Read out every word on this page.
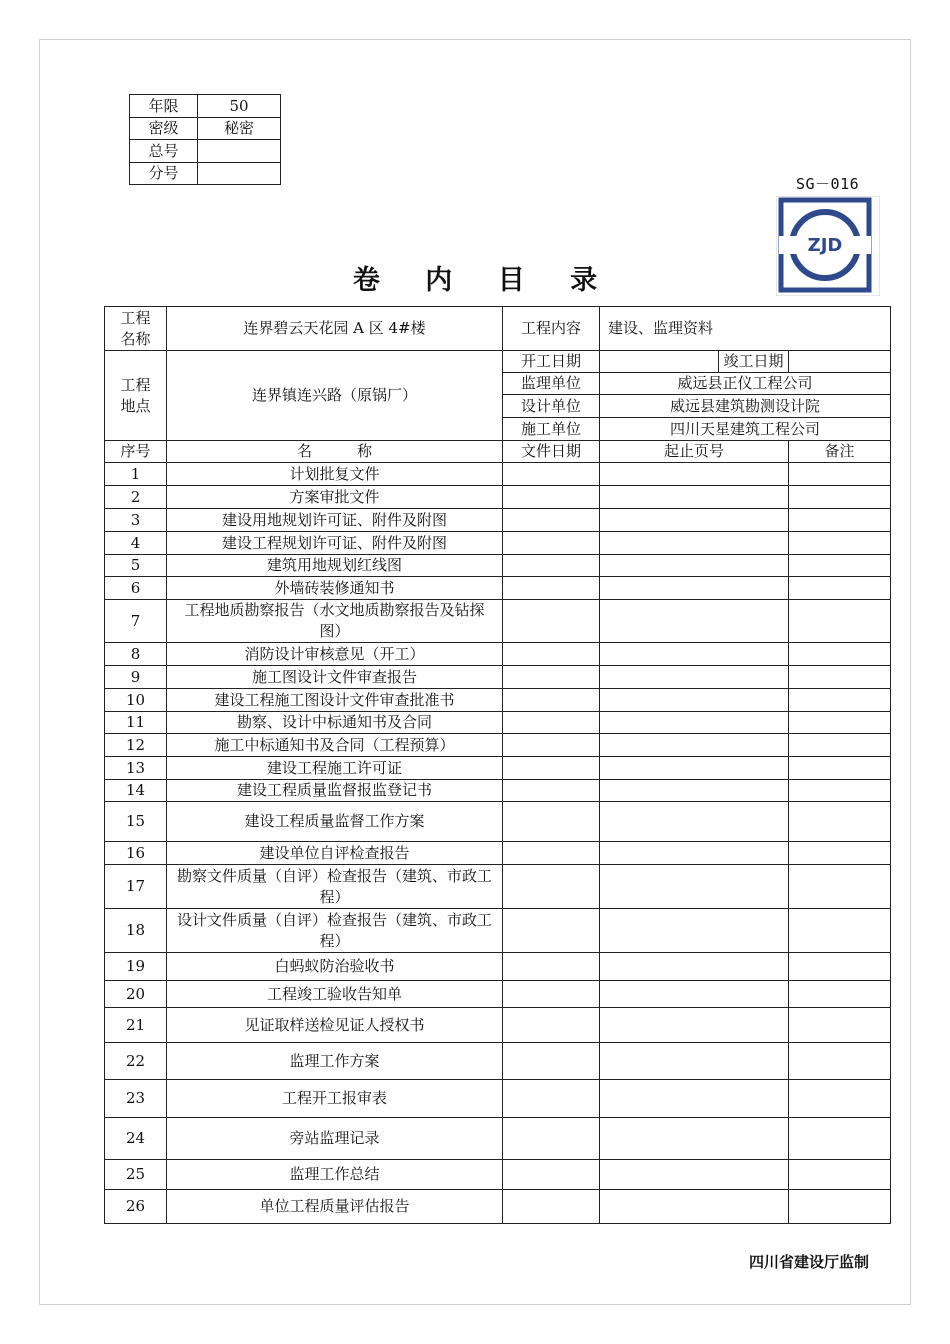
年限	50
密级	秘密
总号	
分号	
SG－016
ZJD
卷 内 目 录
工程
名称	连界碧云天花园 A 区 4#楼	工程内容	建设、监理资料		
工程
地点	连界镇连兴路（原锅厂）	开工日期		竣工日期	
		监理单位	威远县正仪工程公司		
		设计单位	威远县建筑勘测设计院		
		施工单位	四川天星建筑工程公司		
序号	名　　　称	文件日期	起止页号		备注
1	计划批复文件				
2	方案审批文件				
3	建设用地规划许可证、附件及附图				
4	建设工程规划许可证、附件及附图				
5	建筑用地规划红线图				
6	外墙砖装修通知书				
7	工程地质勘察报告（水文地质勘察报告及钻探图）				
8	消防设计审核意见（开工）				
9	施工图设计文件审查报告				
10	建设工程施工图设计文件审查批准书				
11	勘察、设计中标通知书及合同				
12	施工中标通知书及合同（工程预算）				
13	建设工程施工许可证				
14	建设工程质量监督报监登记书				
15	建设工程质量监督工作方案				
16	建设单位自评检查报告				
17	勘察文件质量（自评）检查报告（建筑、市政工程）				
18	设计文件质量（自评）检查报告（建筑、市政工程）				
19	白蚂蚁防治验收书				
20	工程竣工验收告知单				
21	见证取样送检见证人授权书				
22	监理工作方案				
23	工程开工报审表				
24	旁站监理记录				
25	监理工作总结				
26	单位工程质量评估报告				
四川省建设厅监制
